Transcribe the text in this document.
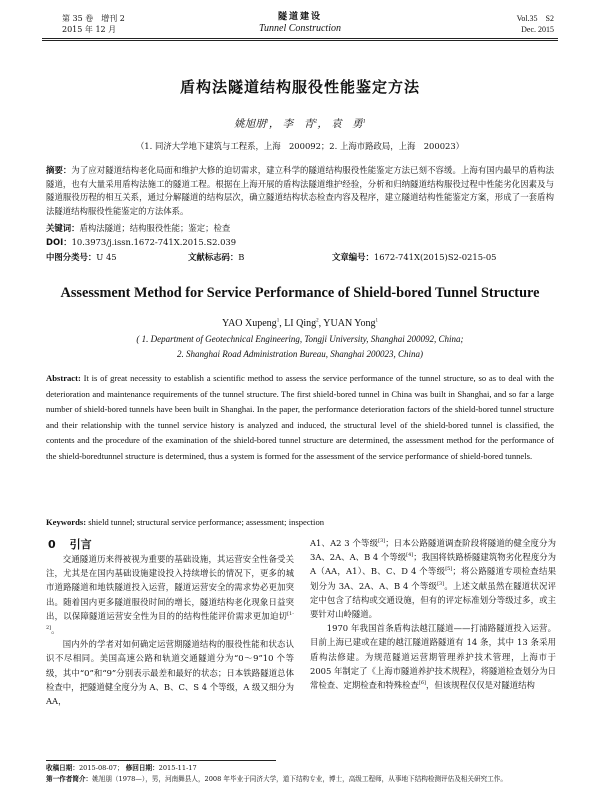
第 35 卷　增刊 2
2015 年 12 月
隧道建设
Tunnel Construction
Vol.35　S2
Dec. 2015
盾构法隧道结构服役性能鉴定方法
姚旭朋$^1$， 李　青$^2$， 袁　勇$^1$
（1. 同济大学地下建筑与工程系，上海　200092；2. 上海市路政局，上海　200023）
摘要：为了应对隧道结构老化局面和维护大修的迫切需求，建立科学的隧道结构服役性能鉴定方法已刻不容缓。上海有国内最早的盾构法隧道，也有大量采用盾构法施工的隧道工程。根据在上海开展的盾构法隧道维护经验，分析和归纳隧道结构服役过程中性能劣化因素及与隧道服役历程的相互关系，通过分解隧道的结构层次，确立隧道结构状态检查内容及程序，建立隧道结构性能鉴定方案，形成了一套盾构法隧道结构服役性能鉴定的方法体系。
关键词：盾构法隧道；结构服役性能；鉴定；检查
DOI：10.3973/j.issn.1672-741X.2015.S2.039
中图分类号：U 45	文献标志码：B	文章编号：1672-741X(2015)S2-0215-05
Assessment Method for Service Performance of Shield-bored Tunnel Structure
YAO Xupeng$^1$, LI Qing$^2$, YUAN Yong$^1$
( 1. Department of Geotechnical Engineering, Tongji University, Shanghai 200092, China;
2. Shanghai Road Administration Bureau, Shanghai 200023, China)
Abstract: It is of great necessity to establish a scientific method to assess the service performance of the tunnel structure, so as to deal with the deterioration and maintenance requirements of the tunnel structure. The first shield-bored tunnel in China was built in Shanghai, and so far a large number of shield-bored tunnels have been built in Shanghai. In the paper, the performance deterioration factors of the shield-bored tunnel structure and their relationship with the tunnel service history is analyzed and induced, the structural level of the shield-bored tunnel is classified, the contents and the procedure of the examination of the shield-bored tunnel structure are determined, the assessment method for the performance of the shield-boredtunnel structure is determined, thus a system is formed for the assessment of the service performance of shield-bored tunnels.
Keywords: shield tunnel; structural service performance; assessment; inspection
0 引言

交通隧道历来得被视为重要的基础设施，其运营安全性备受关注，尤其是在国内基础设施建设投入持续增长的情况下，更多的城市道路隧道和地铁隧道投入运营，隧道运营安全的需求势必更加突出。随着国内更多隧道服役时间的增长，隧道结构老化现象日益突出，以保障隧道运营安全性为目的的结构性能评价需求更加迫切[1-2]。

国内外的学者对如何确定运营期隧道结构的服役性能和状态认识不尽相同。美国高速公路和轨道交通隧道分为“0～9”10 个等级，其中“0”和“9”分别表示最差和最好的状态；日本铁路隧道总体检查中，把隧道健全度分为 A、B、C、S 4 个等级，A 级又细分为 AA，

A1、A2 3 个等级[3]；日本公路隧道调查阶段将隧道的健全度分为 3A、2A、A、B 4 个等级[4]；我国将铁路桥隧建筑物劣化程度分为 A（AA，A1）、B、C、D 4 个等级[5]；将公路隧道专项检查结果划分为 3A、2A、A、B 4 个等级[3]。上述文献虽然在隧道状况评定中包含了结构或交通设施，但有的评定标准划分等级过多，或主要针对山岭隧道。

1970 年我国首条盾构法越江隧道——打浦路隧道投入运营。目前上海已建或在建的越江隧道路隧道有 14 条，其中 13 条采用盾构法修建。为规范隧道运营期管理养护技术管理，上海市于 2005 年制定了《上海市隧道养护技术规程》，将隧道检查划分为日常检查、定期检查和特殊检查[6]，但该规程仅仅是对隧道结构

收稿日期：2015-08-07； 修回日期：2015-11-17
第一作者简介：姚旭朋（1978—），男，河南舞县人，2008 年毕业于同济大学，道下结构专业，博士，高级工程师，从事地下结构检测评估及相关研究工作。
